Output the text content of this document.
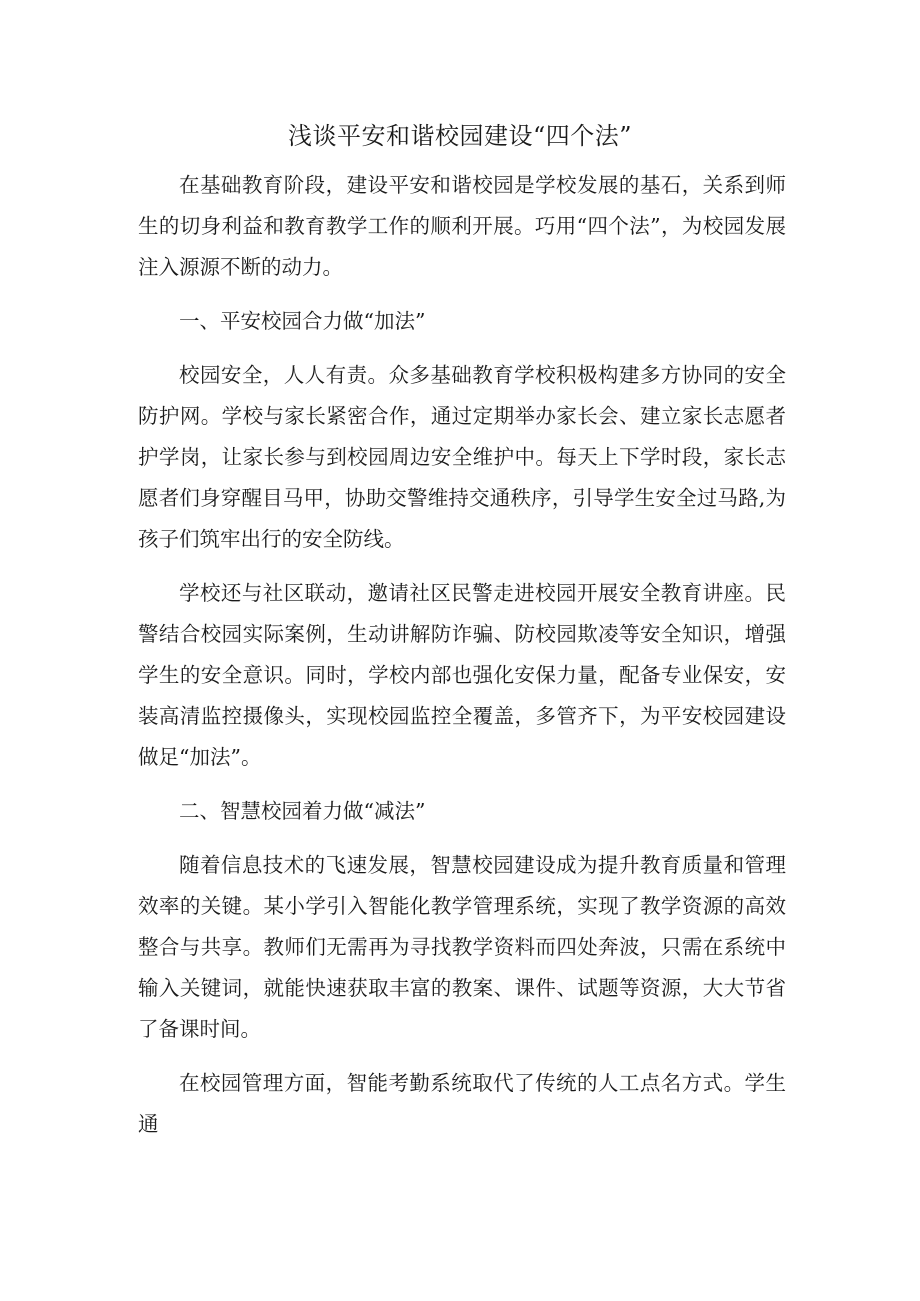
浅谈平安和谐校园建设“四个法”

在基础教育阶段，建设平安和谐校园是学校发展的基石，关系到师生的切身利益和教育教学工作的顺利开展。巧用“四个法”，为校园发展注入源源不断的动力。

一、平安校园合力做“加法”

校园安全，人人有责。众多基础教育学校积极构建多方协同的安全防护网。学校与家长紧密合作，通过定期举办家长会、建立家长志愿者护学岗，让家长参与到校园周边安全维护中。每天上下学时段，家长志愿者们身穿醒目马甲，协助交警维持交通秩序，引导学生安全过马路,为孩子们筑牢出行的安全防线。

学校还与社区联动，邀请社区民警走进校园开展安全教育讲座。民警结合校园实际案例，生动讲解防诈骗、防校园欺凌等安全知识，增强学生的安全意识。同时，学校内部也强化安保力量，配备专业保安，安装高清监控摄像头，实现校园监控全覆盖，多管齐下，为平安校园建设做足“加法”。

二、智慧校园着力做“减法”

随着信息技术的飞速发展，智慧校园建设成为提升教育质量和管理效率的关键。某小学引入智能化教学管理系统，实现了教学资源的高效整合与共享。教师们无需再为寻找教学资料而四处奔波，只需在系统中输入关键词，就能快速获取丰富的教案、课件、试题等资源，大大节省了备课时间。

在校园管理方面，智能考勤系统取代了传统的人工点名方式。学生通
